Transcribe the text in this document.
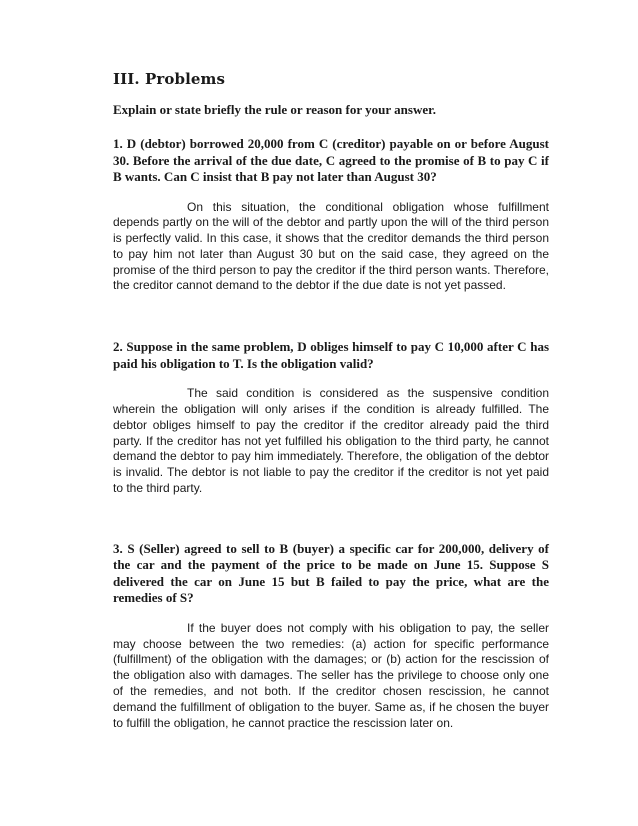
III. Problems

Explain or state briefly the rule or reason for your answer.

1. D (debtor) borrowed 20,000 from C (creditor) payable on or before August 30. Before the arrival of the due date, C agreed to the promise of B to pay C if B wants. Can C insist that B pay not later than August 30?

On this situation, the conditional obligation whose fulfillment depends partly on the will of the debtor and partly upon the will of the third person is perfectly valid. In this case, it shows that the creditor demands the third person to pay him not later than August 30 but on the said case, they agreed on the promise of the third person to pay the creditor if the third person wants. Therefore, the creditor cannot demand to the debtor if the due date is not yet passed.

2. Suppose in the same problem, D obliges himself to pay C 10,000 after C has paid his obligation to T. Is the obligation valid?

The said condition is considered as the suspensive condition wherein the obligation will only arises if the condition is already fulfilled. The debtor obliges himself to pay the creditor if the creditor already paid the third party. If the creditor has not yet fulfilled his obligation to the third party, he cannot demand the debtor to pay him immediately. Therefore, the obligation of the debtor is invalid. The debtor is not liable to pay the creditor if the creditor is not yet paid to the third party.

3. S (Seller) agreed to sell to B (buyer) a specific car for 200,000, delivery of the car and the payment of the price to be made on June 15. Suppose S delivered the car on June 15 but B failed to pay the price, what are the remedies of S?

If the buyer does not comply with his obligation to pay, the seller may choose between the two remedies: (a) action for specific performance (fulfillment) of the obligation with the damages; or (b) action for the rescission of the obligation also with damages. The seller has the privilege to choose only one of the remedies, and not both. If the creditor chosen rescission, he cannot demand the fulfillment of obligation to the buyer. Same as, if he chosen the buyer to fulfill the obligation, he cannot practice the rescission later on.
